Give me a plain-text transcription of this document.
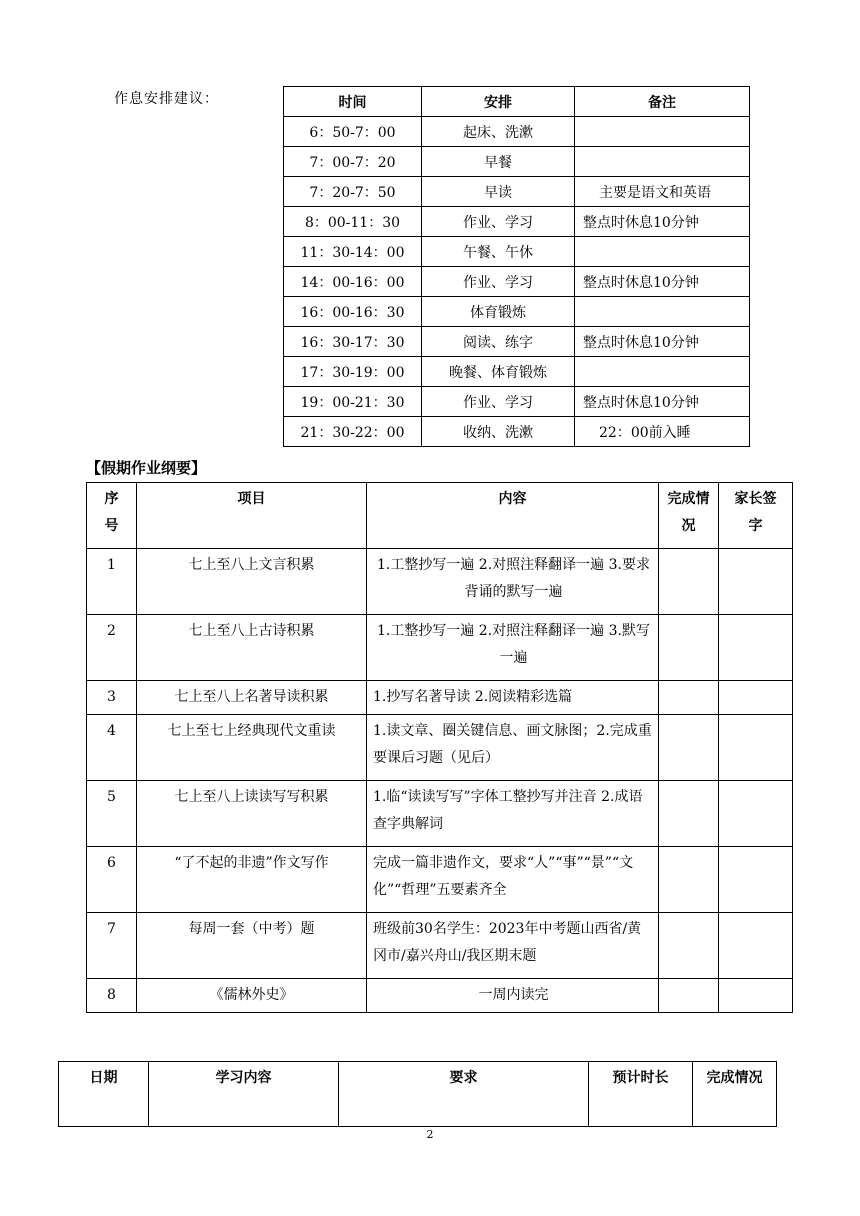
作息安排建议：	时间	安排	备注
6：50-7：00	起床、洗漱	
7：00-7：20	早餐	
7：20-7：50	早读	主要是语文和英语
8：00-11：30	作业、学习	整点时休息10分钟
11：30-14：00	午餐、午休	
14：00-16：00	作业、学习	整点时休息10分钟
16：00-16：30	体育锻炼	
16：30-17：30	阅读、练字	整点时休息10分钟
17：30-19：00	晚餐、体育锻炼	
19：00-21：30	作业、学习	整点时休息10分钟
21：30-22：00	收纳、洗漱	22：00前入睡
【假期作业纲要】
序号	项目	内容	完成情况	家长签字
1	七上至八上文言积累	1.工整抄写一遍 2.对照注释翻译一遍 3.要求背诵的默写一遍		
2	七上至八上古诗积累	1.工整抄写一遍 2.对照注释翻译一遍 3.默写一遍		
3	七上至八上名著导读积累	1.抄写名著导读 2.阅读精彩选篇		
4	七上至七上经典现代文重读	1.读文章、圈关键信息、画文脉图；2.完成重要课后习题（见后）		
5	七上至八上读读写写积累	1.临“读读写写”字体工整抄写并注音 2.成语查字典解词		
6	“了不起的非遗”作文写作	完成一篇非遗作文，要求“人”“事”“景”“文化”“哲理”五要素齐全		
7	每周一套（中考）题	班级前30名学生：2023年中考题山西省/黄冈市/嘉兴舟山/我区期末题		
8	《儒林外史》	一周内读完		
日期	学习内容	要求	预计时长	完成情况
2
